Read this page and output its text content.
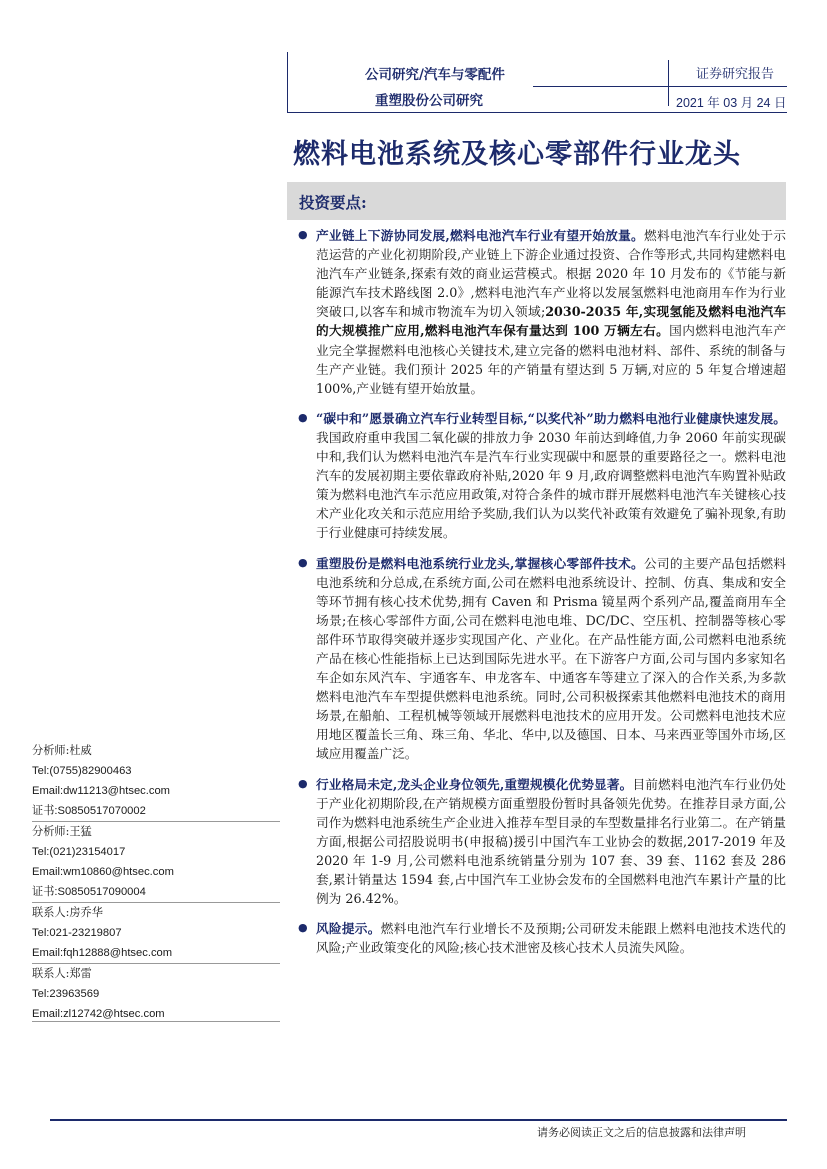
公司研究/汽车与零配件
重塑股份公司研究
证券研究报告
2021 年 03 月 24 日
燃料电池系统及核心零部件行业龙头
投资要点:
● 产业链上下游协同发展,燃料电池汽车行业有望开始放量。燃料电池汽车行业处于示范运营的产业化初期阶段,产业链上下游企业通过投资、合作等形式,共同构建燃料电池汽车产业链条,探索有效的商业运营模式。根据 2020 年 10 月发布的《节能与新能源汽车技术路线图 2.0》,燃料电池汽车产业将以发展氢燃料电池商用车作为行业突破口,以客车和城市物流车为切入领域;2030-2035 年,实现氢能及燃料电池汽车的大规模推广应用,燃料电池汽车保有量达到 100 万辆左右。国内燃料电池汽车产业完全掌握燃料电池核心关键技术,建立完备的燃料电池材料、部件、系统的制备与生产产业链。我们预计 2025 年的产销量有望达到 5 万辆,对应的 5 年复合增速超 100%,产业链有望开始放量。
● “碳中和”愿景确立汽车行业转型目标,“以奖代补”助力燃料电池行业健康快速发展。我国政府重申我国二氧化碳的排放力争 2030 年前达到峰值,力争 2060 年前实现碳中和,我们认为燃料电池汽车是汽车行业实现碳中和愿景的重要路径之一。燃料电池汽车的发展初期主要依靠政府补贴,2020 年 9 月,政府调整燃料电池汽车购置补贴政策为燃料电池汽车示范应用政策,对符合条件的城市群开展燃料电池汽车关键核心技术产业化攻关和示范应用给予奖励,我们认为以奖代补政策有效避免了骗补现象,有助于行业健康可持续发展。
● 重塑股份是燃料电池系统行业龙头,掌握核心零部件技术。公司的主要产品包括燃料电池系统和分总成,在系统方面,公司在燃料电池系统设计、控制、仿真、集成和安全等环节拥有核心技术优势,拥有 Caven 和 Prisma 镜星两个系列产品,覆盖商用车全场景;在核心零部件方面,公司在燃料电池电堆、DC/DC、空压机、控制器等核心零部件环节取得突破并逐步实现国产化、产业化。在产品性能方面,公司燃料电池系统产品在核心性能指标上已达到国际先进水平。在下游客户方面,公司与国内多家知名车企如东风汽车、宇通客车、申龙客车、中通客车等建立了深入的合作关系,为多款燃料电池汽车车型提供燃料电池系统。同时,公司积极探索其他燃料电池技术的商用场景,在船舶、工程机械等领域开展燃料电池技术的应用开发。公司燃料电池技术应用地区覆盖长三角、珠三角、华北、华中,以及德国、日本、马来西亚等国外市场,区域应用覆盖广泛。
● 行业格局未定,龙头企业身位领先,重塑规模化优势显著。目前燃料电池汽车行业仍处于产业化初期阶段,在产销规模方面重塑股份暂时具备领先优势。在推荐目录方面,公司作为燃料电池系统生产企业进入推荐车型目录的车型数量排名行业第二。在产销量方面,根据公司招股说明书(申报稿)援引中国汽车工业协会的数据,2017-2019 年及 2020 年 1-9 月,公司燃料电池系统销量分别为 107 套、39 套、1162 套及 286 套,累计销量达 1594 套,占中国汽车工业协会发布的全国燃料电池汽车累计产量的比例为 26.42%。
● 风险提示。燃料电池汽车行业增长不及预期;公司研发未能跟上燃料电池技术迭代的风险;产业政策变化的风险;核心技术泄密及核心技术人员流失风险。
分析师:杜威
Tel:(0755)82900463
Email:dw11213@htsec.com
证书:S0850517070002
分析师:王猛
Tel:(021)23154017
Email:wm10860@htsec.com
证书:S0850517090004
联系人:房乔华
Tel:021-23219807
Email:fqh12888@htsec.com
联系人:郑雷
Tel:23963569
Email:zl12742@htsec.com
请务必阅读正文之后的信息披露和法律声明
